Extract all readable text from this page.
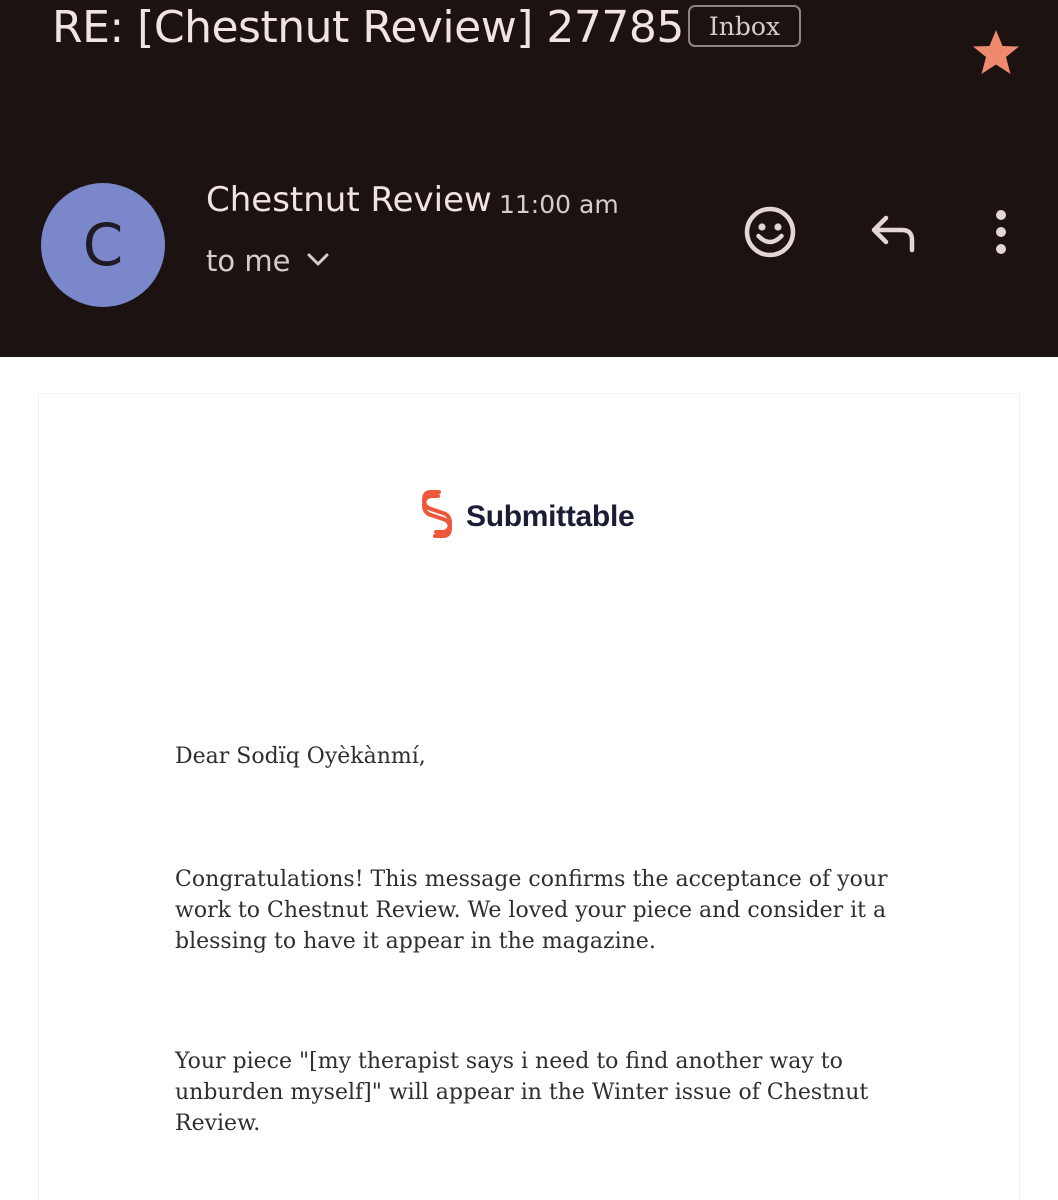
RE: [Chestnut Review] 27785	Inbox
C
Chestnut Review 11:00 am
to me
Submittable

Dear Sodïq Oyèkànmí,

Congratulations! This message confirms the acceptance of your work to Chestnut Review. We loved your piece and consider it a blessing to have it appear in the magazine.

Your piece "[my therapist says i need to find another way to unburden myself]" will appear in the Winter issue of Chestnut Review.
